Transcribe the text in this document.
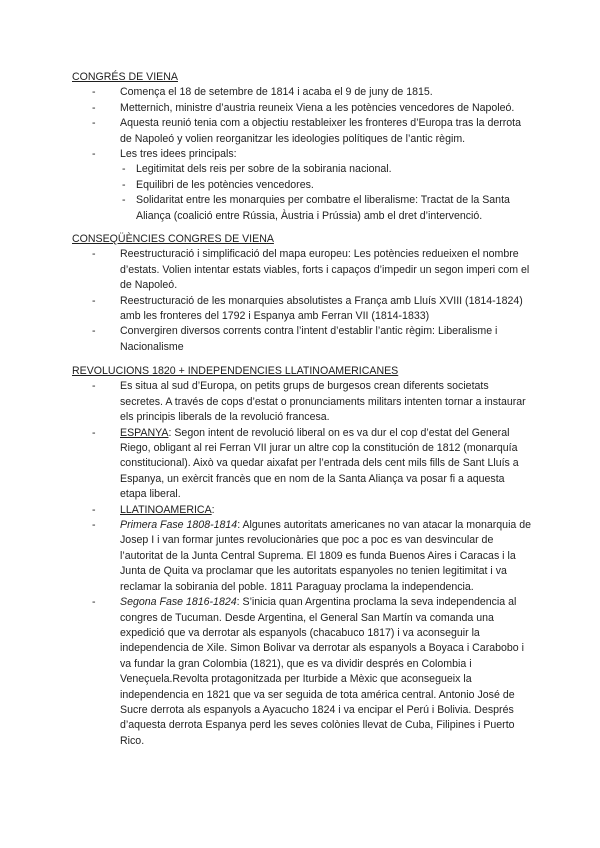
CONGRÉS DE VIENA

- Comença el 18 de setembre de 1814 i acaba el 9 de juny de 1815.
- Metternich, ministre d’austria reuneix Viena a les potències vencedores de Napoleó.
- Aquesta reunió tenia com a objectiu restableixer les fronteres d’Europa tras la derrota de Napoleó y volien reorganitzar les ideologies polítiques de l’antic règim.
- Les tres idees principals:
- Legitimitat dels reis per sobre de la sobirania nacional.
- Equilibri de les potències vencedores.
- Solidaritat entre les monarquies per combatre el liberalisme: Tractat de la Santa Aliança (coalició entre Rússia, Àustria i Prússia) amb el dret d’intervenció.

CONSEQÜÈNCIES CONGRES DE VIENA

- Reestructuració i simplificació del mapa europeu: Les potències redueixen el nombre d’estats. Volien intentar estats viables, forts i capaços d’impedir un segon imperi com el de Napoleó.
- Reestructuració de les monarquies absolutistes a França amb Lluís XVIII (1814-1824) amb les fronteres del 1792 i Espanya amb Ferran VII (1814-1833)
- Convergiren diversos corrents contra l’intent d’establir l’antic règim: Liberalisme i Nacionalisme

REVOLUCIONS 1820 + INDEPENDENCIES LLATINOAMERICANES

- Es situa al sud d’Europa, on petits grups de burgesos crean diferents societats secretes. A través de cops d’estat o pronunciaments militars intenten tornar a instaurar els principis liberals de la revolució francesa.
- ESPANYA: Segon intent de revolució liberal on es va dur el cop d’estat del General Riego, obligant al rei Ferran VII jurar un altre cop la constitución de 1812 (monarquía constitucional). Això va quedar aixafat per l’entrada dels cent mils fills de Sant Lluís a Espanya, un exèrcit francès que en nom de la Santa Aliança va posar fi a aquesta etapa liberal.
- LLATINOAMERICA:
- Primera Fase 1808-1814: Algunes autoritats americanes no van atacar la monarquia de Josep I i van formar juntes revolucionàries que poc a poc es van desvincular de l’autoritat de la Junta Central Suprema. El 1809 es funda Buenos Aires i Caracas i la Junta de Quita va proclamar que les autoritats espanyoles no tenien legitimitat i va reclamar la sobirania del poble. 1811 Paraguay proclama la independencia.
- Segona Fase 1816-1824: S’inicia quan Argentina proclama la seva independencia al congres de Tucuman. Desde Argentina, el General San Martín va comanda una expedició que va derrotar als espanyols (chacabuco 1817) i va aconseguir la independencia de Xile. Simon Bolivar va derrotar als espanyols a Boyaca i Carabobo i va fundar la gran Colombia (1821), que es va dividir després en Colombia i Veneçuela.Revolta protagonitzada per Iturbide a Mèxic que aconsegueix la independencia en 1821 que va ser seguida de tota américa central. Antonio José de Sucre derrota als espanyols a Ayacucho 1824 i va encipar el Perú i Bolivia. Després d’aquesta derrota Espanya perd les seves colònies llevat de Cuba, Filipines i Puerto Rico.
